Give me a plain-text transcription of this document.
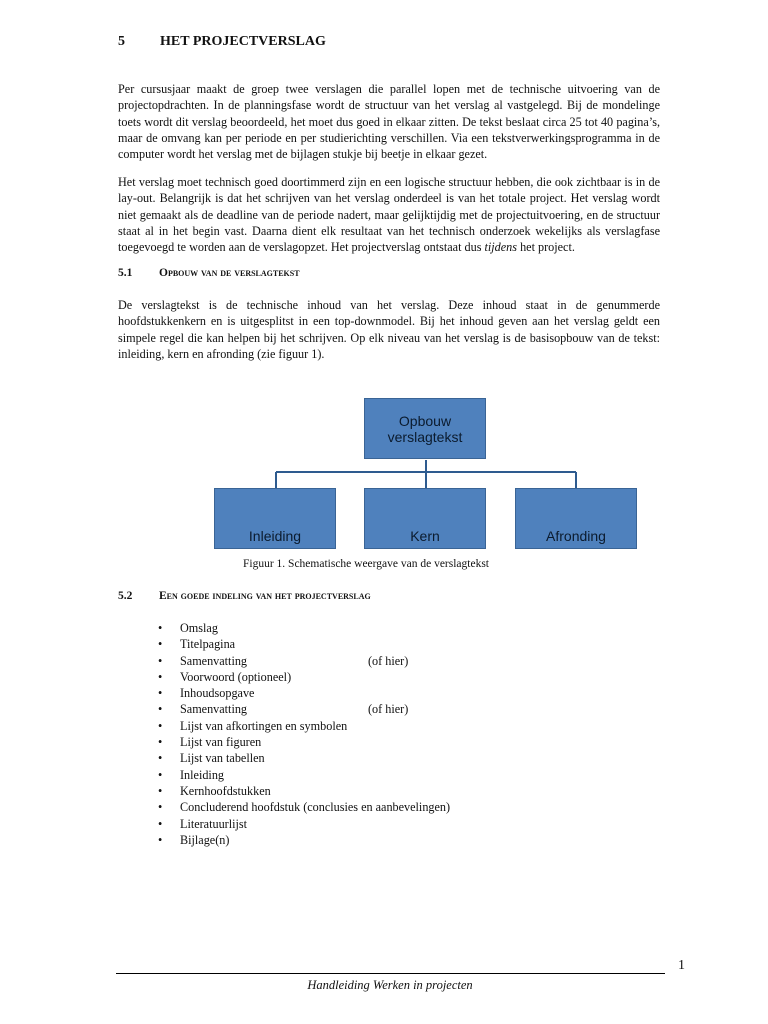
5	HET PROJECTVERSLAG
Per cursusjaar maakt de groep twee verslagen die parallel lopen met de technische uitvoering van de projectopdrachten. In de planningsfase wordt de structuur van het verslag al vastgelegd. Bij de mondelinge toets wordt dit verslag beoordeeld, het moet dus goed in elkaar zitten. De tekst beslaat circa 25 tot 40 pagina’s, maar de omvang kan per periode en per studierichting verschillen. Via een tekstverwerkingsprogramma in de computer wordt het verslag met de bijlagen stukje bij beetje in elkaar gezet.
Het verslag moet technisch goed doortimmerd zijn en een logische structuur hebben, die ook zichtbaar is in de lay-out. Belangrijk is dat het schrijven van het verslag onderdeel is van het totale project. Het verslag wordt niet gemaakt als de deadline van de periode nadert, maar gelijktijdig met de projectuitvoering, en de structuur staat al in het begin vast. Daarna dient elk resultaat van het technisch onderzoek wekelijks als verslagfase toegevoegd te worden aan de verslagopzet. Het projectverslag ontstaat dus tijdens het project.
5.1 Opbouw van de verslagtekst
De verslagtekst is de technische inhoud van het verslag. Deze inhoud staat in de genummerde hoofdstukkenkern en is uitgesplitst in een top-downmodel. Bij het inhoud geven aan het verslag geldt een simpele regel die kan helpen bij het schrijven. Op elk niveau van het verslag is de basisopbouw van de tekst: inleiding, kern en afronding (zie figuur 1).
Opbouw
verslagtekst
Inleiding	Kern	Afronding
Figuur 1. Schematische weergave van de verslagtekst
5.2 Een goede indeling van het projectverslag
• Omslag
• Titelpagina
• Samenvatting	(of hier)
• Voorwoord (optioneel)
• Inhoudsopgave
• Samenvatting	(of hier)
• Lijst van afkortingen en symbolen
• Lijst van figuren
• Lijst van tabellen
• Inleiding
• Kernhoofdstukken
• Concluderend hoofdstuk (conclusies en aanbevelingen)
• Literatuurlijst
• Bijlage(n)
1
Handleiding Werken in projecten
